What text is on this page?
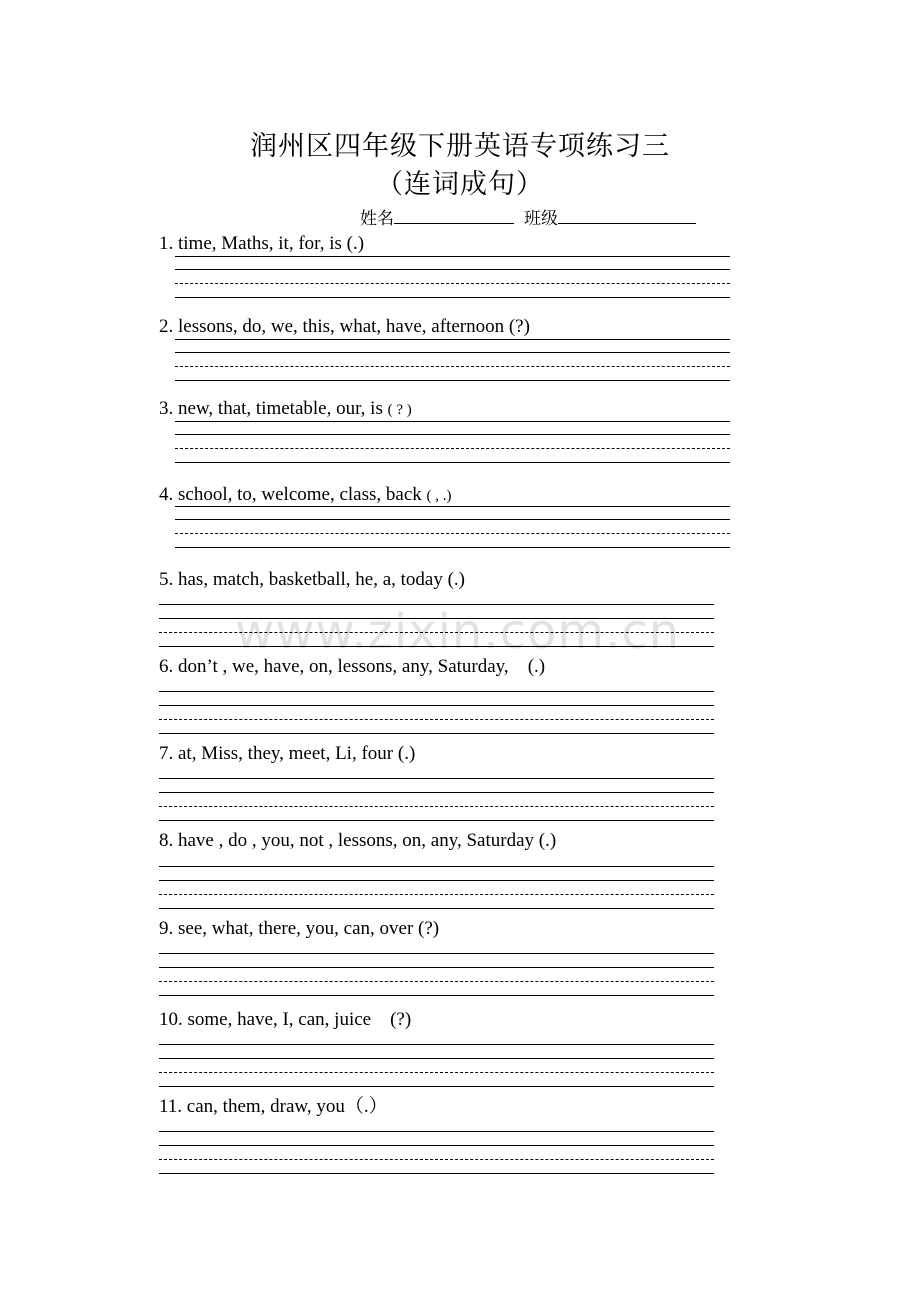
润州区四年级下册英语专项练习三
（连词成句）
姓名	班级
www.zixin.com.cn
1. time, Maths, it, for, is (.)
2. lessons, do, we, this, what, have, afternoon (?)
3. new, that, timetable, our, is ( ? )
4. school, to, welcome, class, back ( , .)
5. has, match, basketball, he, a, today (.)
6. don’t , we, have, on, lessons, any, Saturday, (.)
7. at, Miss, they, meet, Li, four (.)
8. have , do , you, not , lessons, on, any, Saturday (.)
9. see, what, there, you, can, over (?)
10. some, have, I, can, juice (?)
11. can, them, draw, you（.）
